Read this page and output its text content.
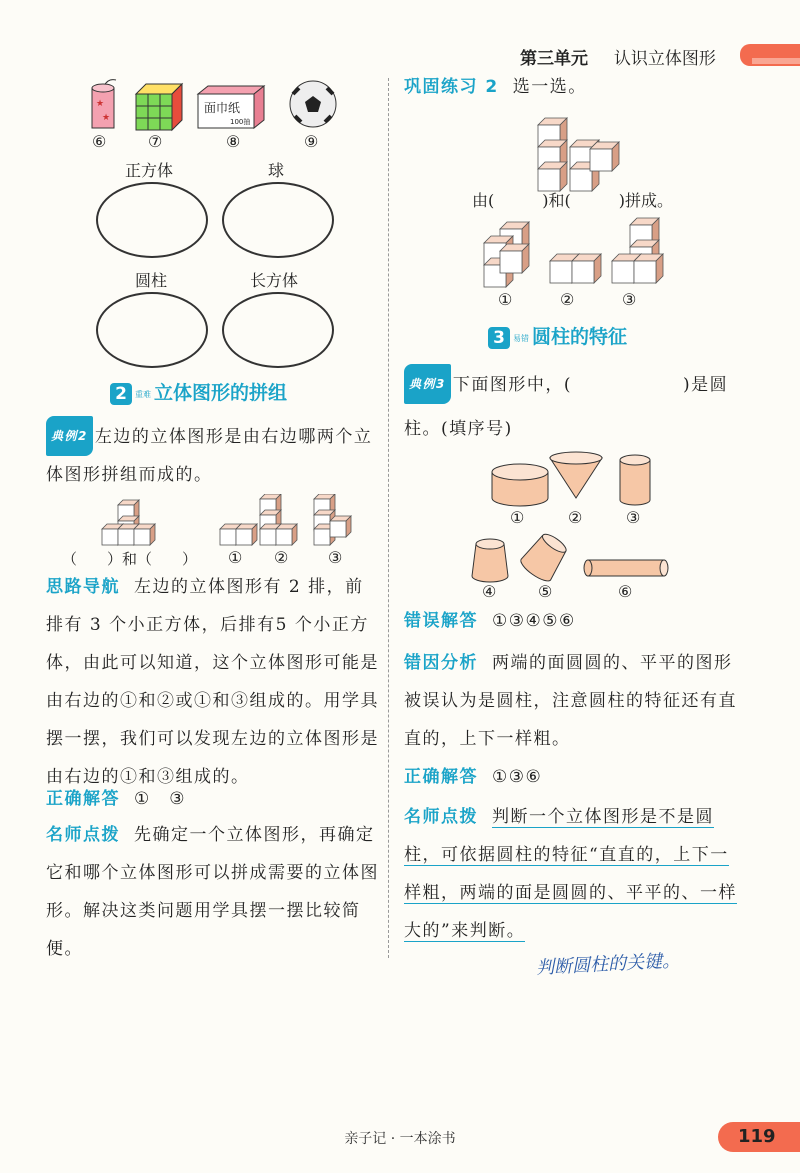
第三单元 认识立体图形
★
★
面巾纸
100抽
⑥	⑦	⑧	⑨
正方体	球
圆柱	长方体
2 重难 立体图形的拼组
典例2 左边的立体图形是由右边哪两个立体图形拼组而成的。
（　　）和（　　） ① ② ③
思路导航 左边的立体图形有 2 排，前排有 3 个小正方体，后排有5 个小正方体，由此可以知道，这个立体图形可能是由右边的①和②或①和③组成的。用学具摆一摆，我们可以发现左边的立体图形是由右边的①和③组成的。
正确解答 ①　③
名师点拨 先确定一个立体图形，再确定它和哪个立体图形可以拼成需要的立体图形。解决这类问题用学具摆一摆比较简便。
巩固练习 2 选一选。
由(　　　)和(　　　)拼成。
①	②	③
3 易错 圆柱的特征
典例3 下面图形中，(　　　　　　)是圆
柱。(填序号)
①	②	③
④	⑤	⑥
错误解答 ①③④⑤⑥
错因分析 两端的面圆圆的、平平的图形被误认为是圆柱，注意圆柱的特征还有直直的，上下一样粗。
正确解答 ①③⑥
名师点拨 判断一个立体图形是不是圆柱，可依据圆柱的特征“直直的，上下一样粗，两端的面是圆圆的、平平的、一样大的”来判断。
判断圆柱的关键。
亲子记 · 一本涂书	119
